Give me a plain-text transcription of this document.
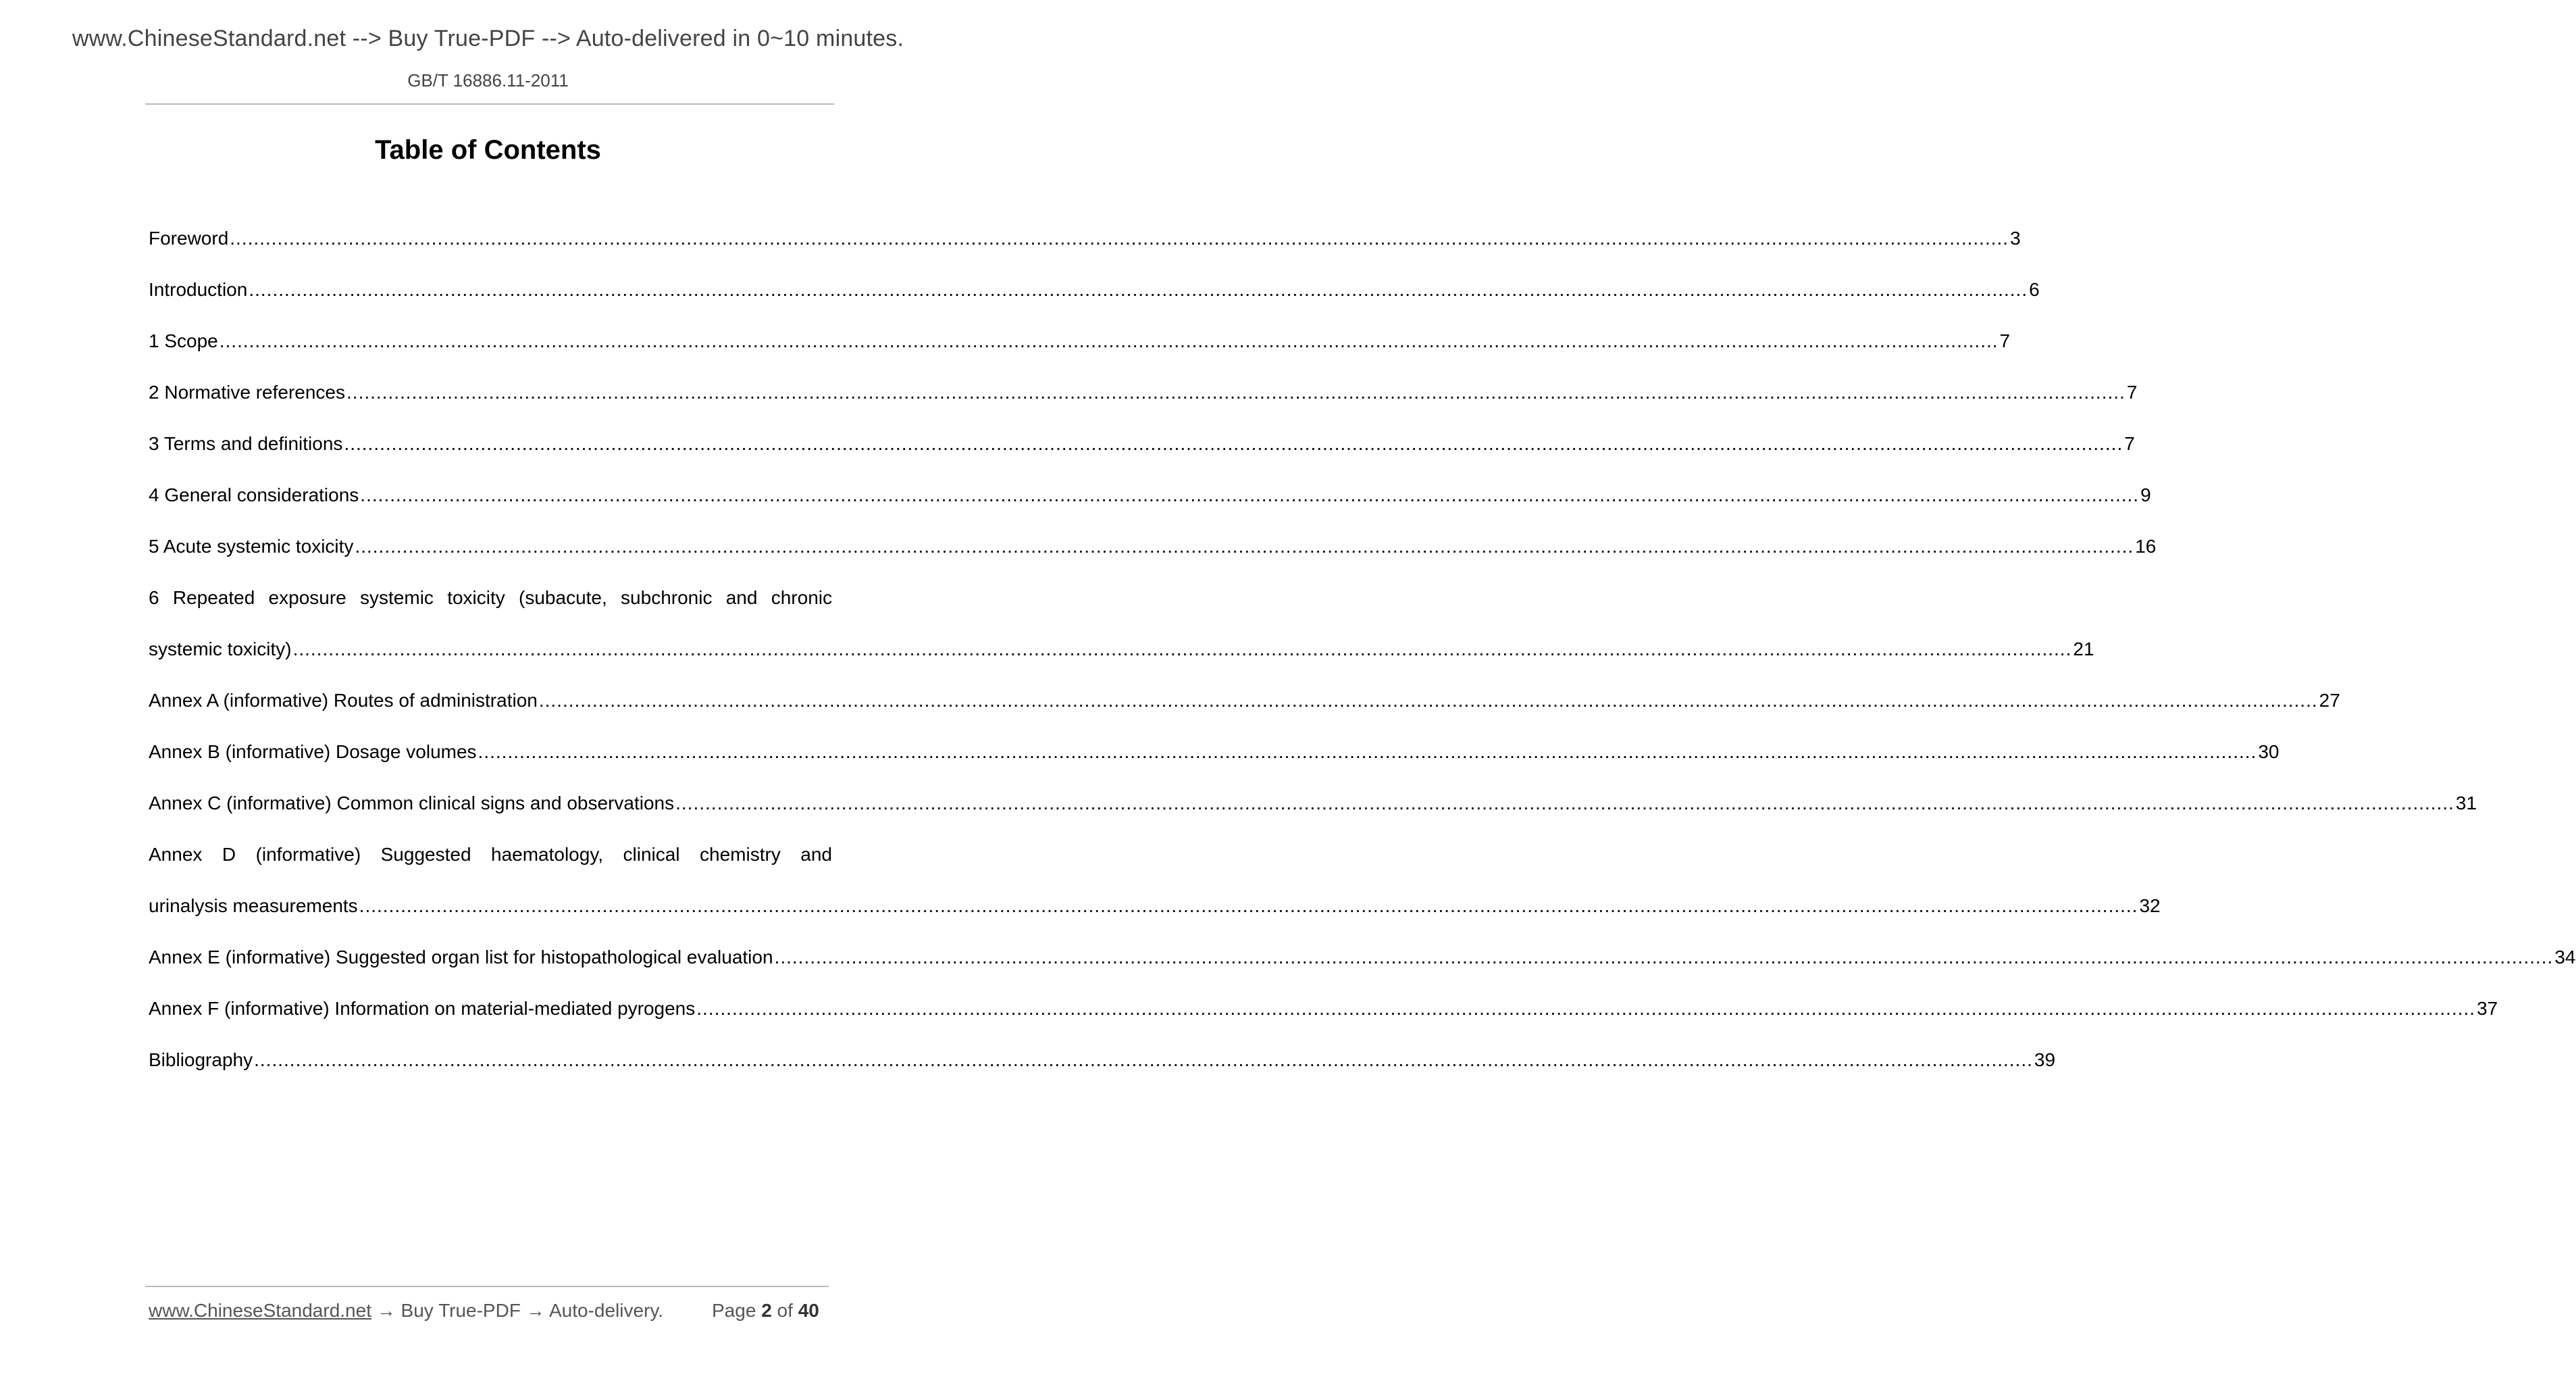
www.ChineseStandard.net --> Buy True-PDF --> Auto-delivered in 0~10 minutes.
GB/T 16886.11-2011
Table of Contents
Foreword ............................................................................................................................................................................................................................................................................................................ 3
Introduction ............................................................................................................................................................................................................................................................................................................ 6
1 Scope ............................................................................................................................................................................................................................................................................................................ 7
2 Normative references ............................................................................................................................................................................................................................................................................................................ 7
3 Terms and definitions ............................................................................................................................................................................................................................................................................................................ 7
4 General considerations ............................................................................................................................................................................................................................................................................................................ 9
5 Acute systemic toxicity ............................................................................................................................................................................................................................................................................................................ 16
6 Repeated exposure systemic toxicity (subacute, subchronic and chronic
systemic toxicity) ............................................................................................................................................................................................................................................................................................................ 21
Annex A (informative) Routes of administration ............................................................................................................................................................................................................................................................................................................ 27
Annex B (informative) Dosage volumes ............................................................................................................................................................................................................................................................................................................ 30
Annex C (informative) Common clinical signs and observations ............................................................................................................................................................................................................................................................................................................ 31
Annex D (informative) Suggested haematology, clinical chemistry and
urinalysis measurements ............................................................................................................................................................................................................................................................................................................ 32
Annex E (informative) Suggested organ list for histopathological evaluation ............................................................................................................................................................................................................................................................................................................ 34
Annex F (informative) Information on material-mediated pyrogens ............................................................................................................................................................................................................................................................................................................ 37
Bibliography ............................................................................................................................................................................................................................................................................................................ 39
www.ChineseStandard.net → Buy True-PDF → Auto-delivery.	Page 2 of 40
